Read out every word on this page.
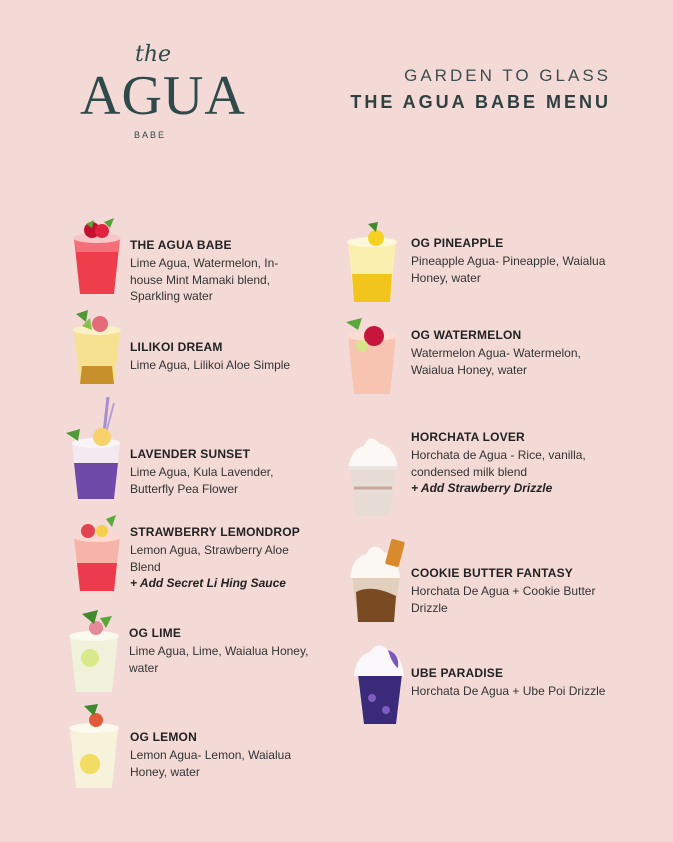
the
AGUA
BABE
GARDEN TO GLASS
THE AGUA BABE MENU
THE AGUA BABE
Lime Agua, Watermelon, In-house Mint Mamaki blend, Sparkling water
LILIKOI DREAM
Lime Agua, Lilikoi Aloe Simple
LAVENDER SUNSET
Lime Agua, Kula Lavender, Butterfly Pea Flower
STRAWBERRY LEMONDROP
Lemon Agua, Strawberry Aloe Blend
+ Add Secret Li Hing Sauce
OG LIME
Lime Agua, Lime, Waialua Honey, water
OG LEMON
Lemon Agua- Lemon, Waialua Honey, water
OG PINEAPPLE
Pineapple Agua- Pineapple, Waialua Honey, water
OG WATERMELON
Watermelon Agua- Watermelon, Waialua Honey, water
HORCHATA LOVER
Horchata de Agua - Rice, vanilla, condensed milk blend
+ Add Strawberry Drizzle
COOKIE BUTTER FANTASY
Horchata De Agua + Cookie Butter Drizzle
UBE PARADISE
Horchata De Agua + Ube Poi Drizzle
